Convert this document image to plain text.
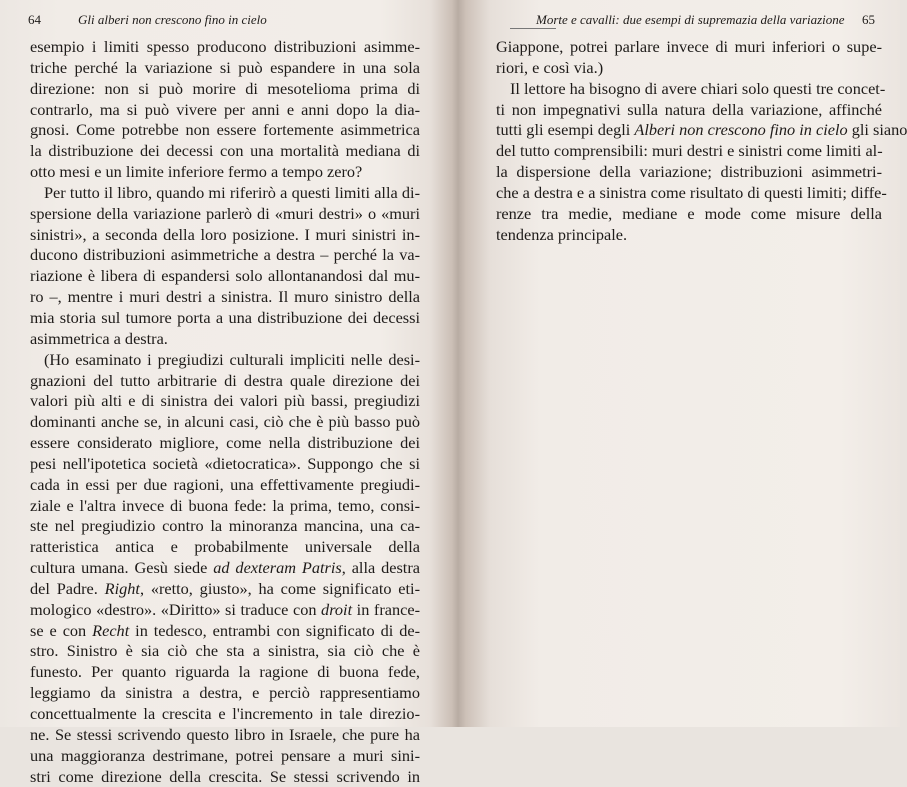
64	Gli alberi non crescono fino in cielo
esempio i limiti spesso producono distribuzioni asimme-
triche perché la variazione si può espandere in una sola
direzione: non si può morire di mesotelioma prima di
contrarlo, ma si può vivere per anni e anni dopo la dia-
gnosi. Come potrebbe non essere fortemente asimmetrica
la distribuzione dei decessi con una mortalità mediana di
otto mesi e un limite inferiore fermo a tempo zero?
Per tutto il libro, quando mi riferirò a questi limiti alla di-
spersione della variazione parlerò di «muri destri» o «muri
sinistri», a seconda della loro posizione. I muri sinistri in-
ducono distribuzioni asimmetriche a destra – perché la va-
riazione è libera di espandersi solo allontanandosi dal mu-
ro –, mentre i muri destri a sinistra. Il muro sinistro della
mia storia sul tumore porta a una distribuzione dei decessi
asimmetrica a destra.
(Ho esaminato i pregiudizi culturali impliciti nelle desi-
gnazioni del tutto arbitrarie di destra quale direzione dei
valori più alti e di sinistra dei valori più bassi, pregiudizi
dominanti anche se, in alcuni casi, ciò che è più basso può
essere considerato migliore, come nella distribuzione dei
pesi nell'ipotetica società «dietocratica». Suppongo che si
cada in essi per due ragioni, una effettivamente pregiudi-
ziale e l'altra invece di buona fede: la prima, temo, consi-
ste nel pregiudizio contro la minoranza mancina, una ca-
ratteristica antica e probabilmente universale della
cultura umana. Gesù siede ad dexteram Patris, alla destra
del Padre. Right, «retto, giusto», ha come significato eti-
mologico «destro». «Diritto» si traduce con droit in france-
se e con Recht in tedesco, entrambi con significato di de-
stro. Sinistro è sia ciò che sta a sinistra, sia ciò che è
funesto. Per quanto riguarda la ragione di buona fede,
leggiamo da sinistra a destra, e perciò rappresentiamo
concettualmente la crescita e l'incremento in tale direzio-
ne. Se stessi scrivendo questo libro in Israele, che pure ha
una maggioranza destrimane, potrei pensare a muri sini-
stri come direzione della crescita. Se stessi scrivendo in
Morte e cavalli: due esempi di supremazia della variazione 65
Giappone, potrei parlare invece di muri inferiori o supe-
riori, e così via.)
Il lettore ha bisogno di avere chiari solo questi tre concet-
ti non impegnativi sulla natura della variazione, affinché
tutti gli esempi degli Alberi non crescono fino in cielo gli siano
del tutto comprensibili: muri destri e sinistri come limiti al-
la dispersione della variazione; distribuzioni asimmetri-
che a destra e a sinistra come risultato di questi limiti; diffe-
renze tra medie, mediane e mode come misure della
tendenza principale.
